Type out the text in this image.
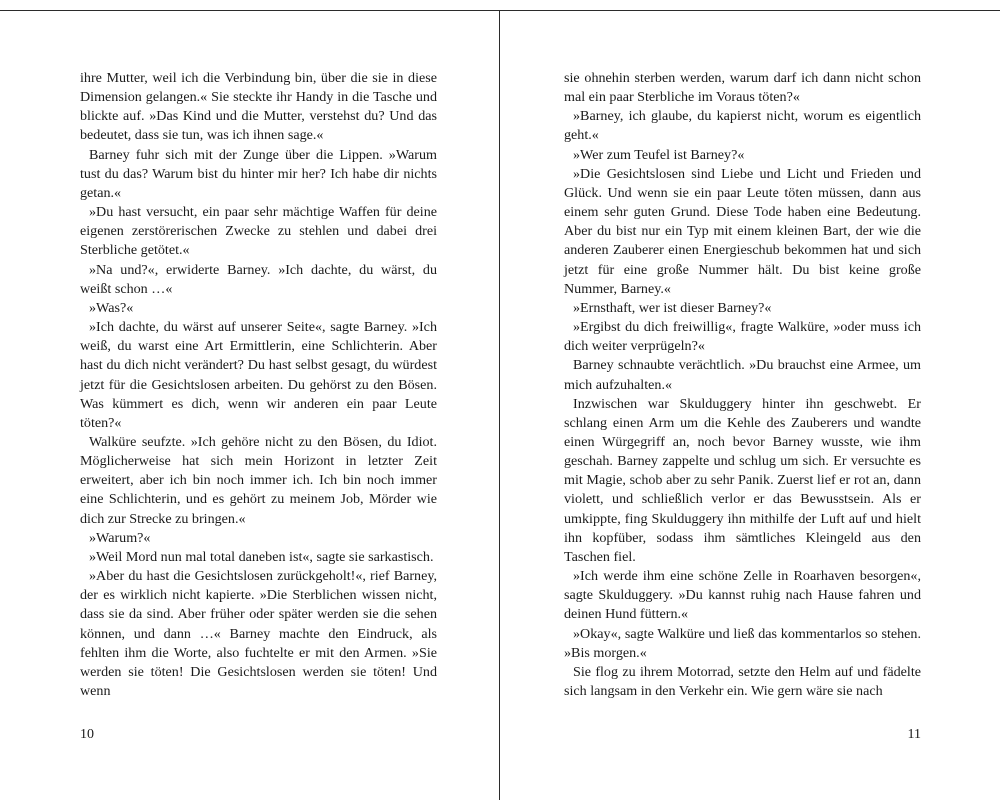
ihre Mutter, weil ich die Verbindung bin, über die sie in diese Dimension gelangen.« Sie steckte ihr Handy in die Tasche und blickte auf. »Das Kind und die Mutter, verstehst du? Und das bedeutet, dass sie tun, was ich ihnen sage.«

Barney fuhr sich mit der Zunge über die Lippen. »Warum tust du das? Warum bist du hinter mir her? Ich habe dir nichts getan.«

»Du hast versucht, ein paar sehr mächtige Waffen für deine eigenen zerstörerischen Zwecke zu stehlen und dabei drei Sterbliche getötet.«

»Na und?«, erwiderte Barney. »Ich dachte, du wärst, du weißt schon …«

»Was?«

»Ich dachte, du wärst auf unserer Seite«, sagte Barney. »Ich weiß, du warst eine Art Ermittlerin, eine Schlichterin. Aber hast du dich nicht verändert? Du hast selbst gesagt, du würdest jetzt für die Gesichtslosen arbeiten. Du gehörst zu den Bösen. Was kümmert es dich, wenn wir anderen ein paar Leute töten?«

Walküre seufzte. »Ich gehöre nicht zu den Bösen, du Idiot. Möglicherweise hat sich mein Horizont in letzter Zeit erweitert, aber ich bin noch immer ich. Ich bin noch immer eine Schlichterin, und es gehört zu meinem Job, Mörder wie dich zur Strecke zu bringen.«

»Warum?«

»Weil Mord nun mal total daneben ist«, sagte sie sarkastisch.

»Aber du hast die Gesichtslosen zurückgeholt!«, rief Barney, der es wirklich nicht kapierte. »Die Sterblichen wissen nicht, dass sie da sind. Aber früher oder später werden sie die sehen können, und dann …« Barney machte den Eindruck, als fehlten ihm die Worte, also fuchtelte er mit den Armen. »Sie werden sie töten! Die Gesichtslosen werden sie töten! Und wenn

10

sie ohnehin sterben werden, warum darf ich dann nicht schon mal ein paar Sterbliche im Voraus töten?«

»Barney, ich glaube, du kapierst nicht, worum es eigentlich geht.«

»Wer zum Teufel ist Barney?«

»Die Gesichtslosen sind Liebe und Licht und Frieden und Glück. Und wenn sie ein paar Leute töten müssen, dann aus einem sehr guten Grund. Diese Tode haben eine Bedeutung. Aber du bist nur ein Typ mit einem kleinen Bart, der wie die anderen Zauberer einen Energieschub bekommen hat und sich jetzt für eine große Nummer hält. Du bist keine große Nummer, Barney.«

»Ernsthaft, wer ist dieser Barney?«

»Ergibst du dich freiwillig«, fragte Walküre, »oder muss ich dich weiter verprügeln?«

Barney schnaubte verächtlich. »Du brauchst eine Armee, um mich aufzuhalten.«

Inzwischen war Skulduggery hinter ihn geschwebt. Er schlang einen Arm um die Kehle des Zauberers und wandte einen Würgegriff an, noch bevor Barney wusste, wie ihm geschah. Barney zappelte und schlug um sich. Er versuchte es mit Magie, schob aber zu sehr Panik. Zuerst lief er rot an, dann violett, und schließlich verlor er das Bewusstsein. Als er umkippte, fing Skulduggery ihn mithilfe der Luft auf und hielt ihn kopfüber, sodass ihm sämtliches Kleingeld aus den Taschen fiel.

»Ich werde ihm eine schöne Zelle in Roarhaven besorgen«, sagte Skulduggery. »Du kannst ruhig nach Hause fahren und deinen Hund füttern.«

»Okay«, sagte Walküre und ließ das kommentarlos so stehen. »Bis morgen.«

Sie flog zu ihrem Motorrad, setzte den Helm auf und fädelte sich langsam in den Verkehr ein. Wie gern wäre sie nach

11
